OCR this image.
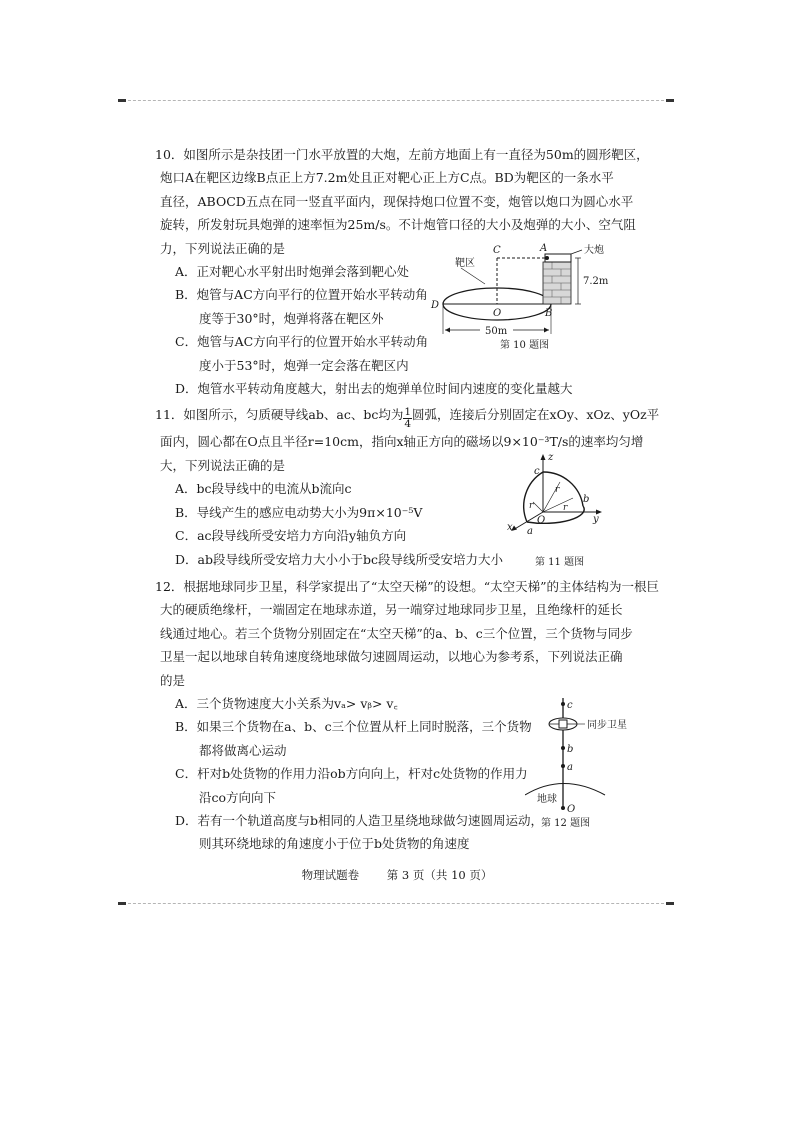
10．如图所示是杂技团一门水平放置的大炮，左前方地面上有一直径为50m的圆形靶区，

炮口A在靶区边缘B点正上方7.2m处且正对靶心正上方C点。BD为靶区的一条水平

直径，ABOCD五点在同一竖直平面内，现保持炮口位置不变，炮管以炮口为圆心水平

旋转，所发射玩具炮弹的速率恒为25m/s。不计炮管口径的大小及炮弹的大小、空气阻

力，下列说法正确的是

A．正对靶心水平射出时炮弹会落到靶心处

B．炮管与AC方向平行的位置开始水平转动角

度等于30°时，炮弹将落在靶区外

C．炮管与AC方向平行的位置开始水平转动角

度小于53°时，炮弹一定会落在靶区内

D．炮管水平转动角度越大，射出去的炮弹单位时间内速度的变化量越大

11．如图所示，匀质硬导线ab、ac、bc均为 $\frac{1}{4}$ 圆弧，连接后分别固定在xOy、xOz、yOz平

面内，圆心都在O点且半径r=10cm，指向x轴正方向的磁场以9×10⁻³T/s的速率均匀增

大，下列说法正确的是

A．bc段导线中的电流从b流向c

B．导线产生的感应电动势大小为9π×10⁻⁵V

C．ac段导线所受安培力方向沿y轴负方向

D．ab段导线所受安培力大小小于bc段导线所受安培力大小

12．根据地球同步卫星，科学家提出了“太空天梯”的设想。“太空天梯”的主体结构为一根巨

大的硬质绝缘杆，一端固定在地球赤道，另一端穿过地球同步卫星，且绝缘杆的延长

线通过地心。若三个货物分别固定在“太空天梯”的a、b、c三个位置，三个货物与同步

卫星一起以地球自转角速度绕地球做匀速圆周运动，以地心为参考系，下列说法正确

的是

A．三个货物速度大小关系为vₐ> vᵦ> v꜀

B．如果三个货物在a、b、c三个位置从杆上同时脱落，三个货物

都将做离心运动

C．杆对b处货物的作用力沿ob方向向上，杆对c处货物的作用力

沿co方向向下

D．若有一个轨道高度与b相同的人造卫星绕地球做匀速圆周运动，

则其环绕地球的角速度小于位于b处货物的角速度

靶区
C	A	大炮
7.2m
D
O	B
50m
第 10 题图
z
c
b
y
x a
O
r
r
r
第 11 题图
c
同步卫星
b
a
地球
O
第 12 题图
物理试题卷 第 3 页（共 10 页）
